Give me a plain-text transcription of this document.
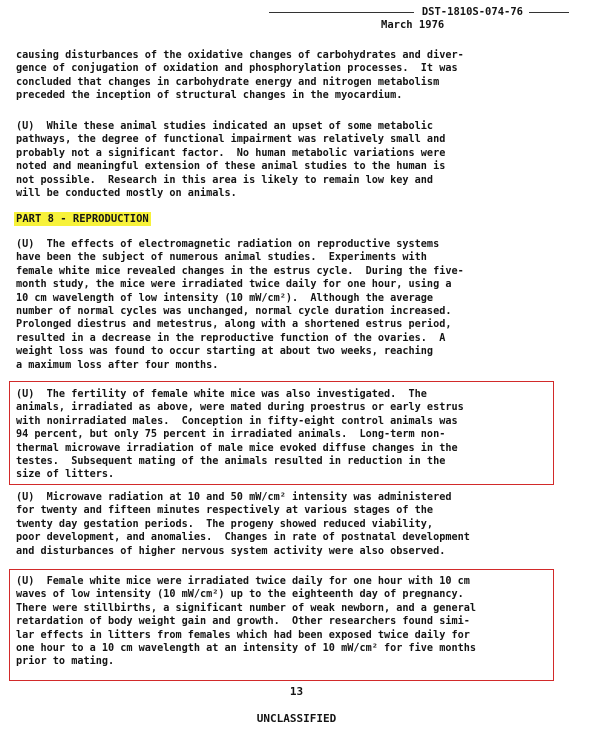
DST-1810S-074-76
March 1976
causing disturbances of the oxidative changes of carbohydrates and diver-
gence of conjugation of oxidation and phosphorylation processes.  It was
concluded that changes in carbohydrate energy and nitrogen metabolism
preceded the inception of structural changes in the myocardium.
(U)  While these animal studies indicated an upset of some metabolic
pathways, the degree of functional impairment was relatively small and
probably not a significant factor.  No human metabolic variations were
noted and meaningful extension of these animal studies to the human is
not possible.  Research in this area is likely to remain low key and
will be conducted mostly on animals.
PART 8 - REPRODUCTION
(U)  The effects of electromagnetic radiation on reproductive systems
have been the subject of numerous animal studies.  Experiments with
female white mice revealed changes in the estrus cycle.  During the five-
month study, the mice were irradiated twice daily for one hour, using a
10 cm wavelength of low intensity (10 mW/cm²).  Although the average
number of normal cycles was unchanged, normal cycle duration increased.
Prolonged diestrus and metestrus, along with a shortened estrus period,
resulted in a decrease in the reproductive function of the ovaries.  A
weight loss was found to occur starting at about two weeks, reaching
a maximum loss after four months.
(U)  The fertility of female white mice was also investigated.  The
animals, irradiated as above, were mated during proestrus or early estrus
with nonirradiated males.  Conception in fifty-eight control animals was
94 percent, but only 75 percent in irradiated animals.  Long-term non-
thermal microwave irradiation of male mice evoked diffuse changes in the
testes.  Subsequent mating of the animals resulted in reduction in the
size of litters.
(U)  Microwave radiation at 10 and 50 mW/cm² intensity was administered
for twenty and fifteen minutes respectively at various stages of the
twenty day gestation periods.  The progeny showed reduced viability,
poor development, and anomalies.  Changes in rate of postnatal development
and disturbances of higher nervous system activity were also observed.
(U)  Female white mice were irradiated twice daily for one hour with 10 cm
waves of low intensity (10 mW/cm²) up to the eighteenth day of pregnancy.
There were stillbirths, a significant number of weak newborn, and a general
retardation of body weight gain and growth.  Other researchers found simi-
lar effects in litters from females which had been exposed twice daily for
one hour to a 10 cm wavelength at an intensity of 10 mW/cm² for five months
prior to mating.
13
UNCLASSIFIED
